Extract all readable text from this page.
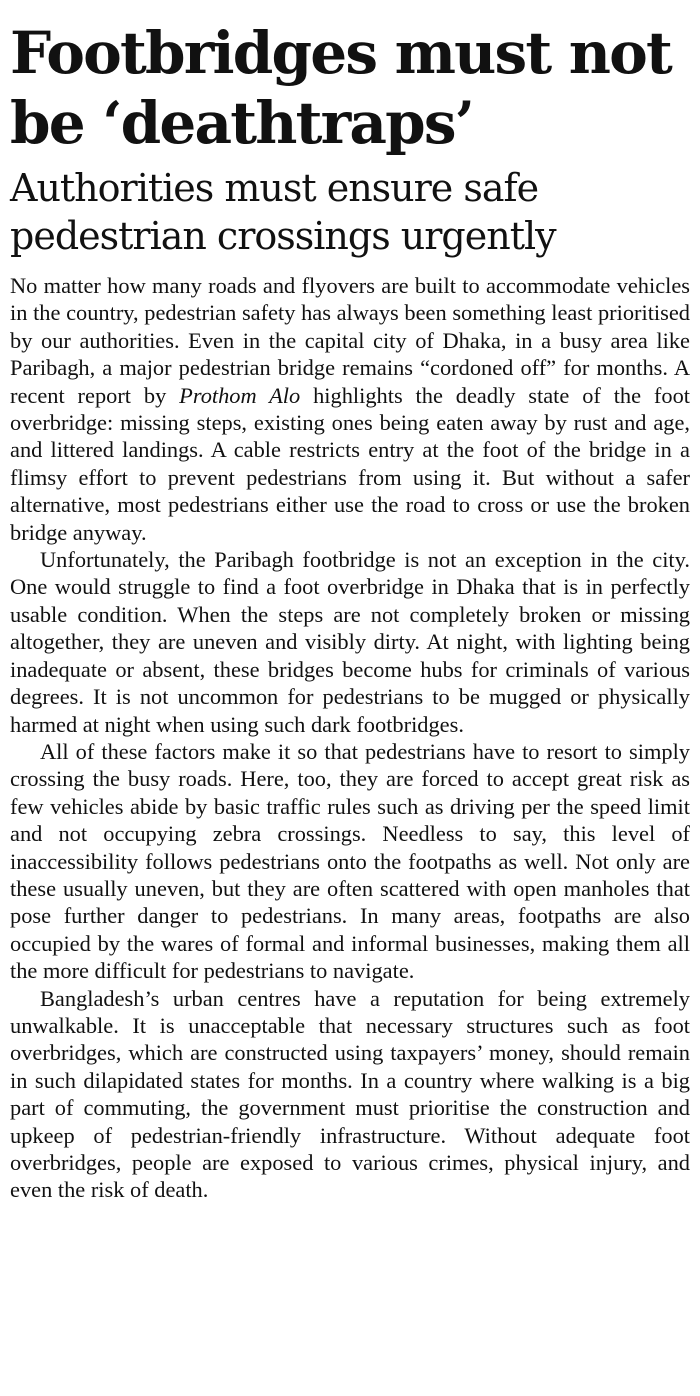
Footbridges must not be ‘deathtraps’
Authorities must ensure safe pedestrian crossings urgently

No matter how many roads and flyovers are built to accommodate vehicles in the country, pedestrian safety has always been something least prioritised by our authorities. Even in the capital city of Dhaka, in a busy area like Paribagh, a major pedestrian bridge remains “cordoned off” for months. A recent report by Prothom Alo highlights the deadly state of the foot overbridge: missing steps, existing ones being eaten away by rust and age, and littered landings. A cable restricts entry at the foot of the bridge in a flimsy effort to prevent pedestrians from using it. But without a safer alternative, most pedestrians either use the road to cross or use the broken bridge anyway.

Unfortunately, the Paribagh footbridge is not an exception in the city. One would struggle to find a foot overbridge in Dhaka that is in perfectly usable condition. When the steps are not completely broken or missing altogether, they are uneven and visibly dirty. At night, with lighting being inadequate or absent, these bridges become hubs for criminals of various degrees. It is not uncommon for pedestrians to be mugged or physically harmed at night when using such dark footbridges.

All of these factors make it so that pedestrians have to resort to simply crossing the busy roads. Here, too, they are forced to accept great risk as few vehicles abide by basic traffic rules such as driving per the speed limit and not occupying zebra crossings. Needless to say, this level of inaccessibility follows pedestrians onto the footpaths as well. Not only are these usually uneven, but they are often scattered with open manholes that pose further danger to pedestrians. In many areas, footpaths are also occupied by the wares of formal and informal businesses, making them all the more difficult for pedestrians to navigate.

Bangladesh’s urban centres have a reputation for being extremely unwalkable. It is unacceptable that necessary structures such as foot overbridges, which are constructed using taxpayers’ money, should remain in such dilapidated states for months. In a country where walking is a big part of commuting, the government must prioritise the construction and upkeep of pedestrian-friendly infrastructure. Without adequate foot overbridges, people are exposed to various crimes, physical injury, and even the risk of death.
